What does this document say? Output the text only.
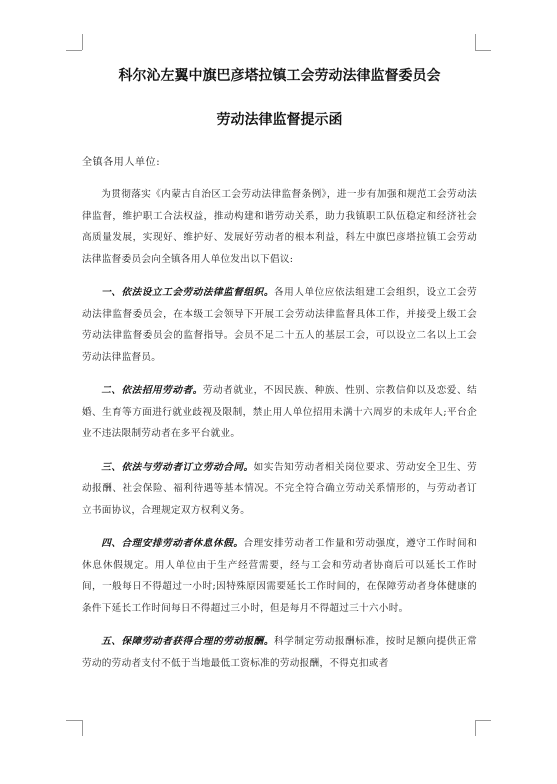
科尔沁左翼中旗巴彦塔拉镇工会劳动法律监督委员会
劳动法律监督提示函
全镇各用人单位:

为贯彻落实《内蒙古自治区工会劳动法律监督条例》，进一步有加强和规范工会劳动法律监督，维护职工合法权益，推动构建和谐劳动关系，助力我镇职工队伍稳定和经济社会高质量发展，实现好、维护好、发展好劳动者的根本利益，科左中旗巴彦塔拉镇工会劳动法律监督委员会向全镇各用人单位发出以下倡议:

一、依法设立工会劳动法律监督组织。各用人单位应依法组建工会组织，设立工会劳动法律监督委员会，在本级工会领导下开展工会劳动法律监督具体工作，并接受上级工会劳动法律监督委员会的监督指导。会员不足二十五人的基层工会，可以设立二名以上工会劳动法律监督员。

二、依法招用劳动者。劳动者就业，不因民族、种族、性别、宗教信仰以及恋爱、结婚、生育等方面进行就业歧视及限制，禁止用人单位招用未满十六周岁的未成年人;平台企业不违法限制劳动者在多平台就业。

三、依法与劳动者订立劳动合同。如实告知劳动者相关岗位要求、劳动安全卫生、劳动报酬、社会保险、福利待遇等基本情况。不完全符合确立劳动关系情形的，与劳动者订立书面协议，合理规定双方权利义务。

四、合理安排劳动者休息休假。合理安排劳动者工作量和劳动强度，遵守工作时间和休息休假规定。用人单位由于生产经营需要，经与工会和劳动者协商后可以延长工作时间，一般每日不得超过一小时;因特殊原因需要延长工作时间的，在保障劳动者身体健康的条件下延长工作时间每日不得超过三小时，但是每月不得超过三十六小时。

五、保障劳动者获得合理的劳动报酬。科学制定劳动报酬标准，按时足额向提供正常劳动的劳动者支付不低于当地最低工资标准的劳动报酬，不得克扣或者
